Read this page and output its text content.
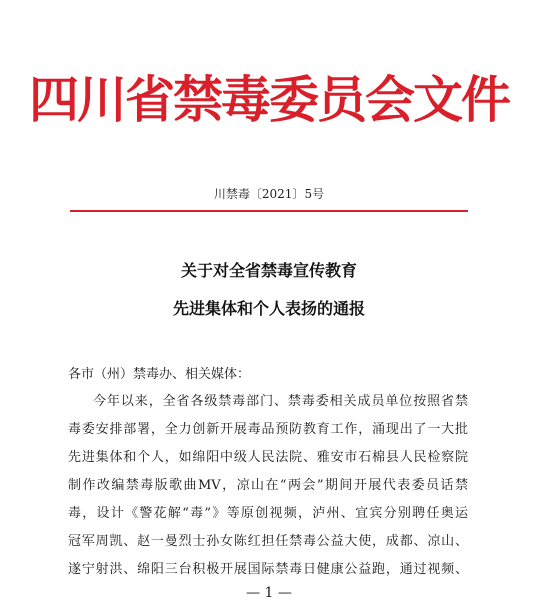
四川省禁毒委员会文件
川禁毒〔2021〕5号
关于对全省禁毒宣传教育
先进集体和个人表扬的通报
各市（州）禁毒办、相关媒体：
今年以来，全省各级禁毒部门、禁毒委相关成员单位按照省禁
毒委安排部署，全力创新开展毒品预防教育工作，涌现出了一大批
先进集体和个人，如绵阳中级人民法院、雅安市石棉县人民检察院
制作改编禁毒版歌曲MV，凉山在“两会”期间开展代表委员话禁
毒，设计《警花解“毒”》等原创视频，泸州、宜宾分别聘任奥运
冠军周凯、赵一曼烈士孙女陈红担任禁毒公益大使，成都、凉山、
遂宁射洪、绵阳三台积极开展国际禁毒日健康公益跑，通过视频、
— 1 —
